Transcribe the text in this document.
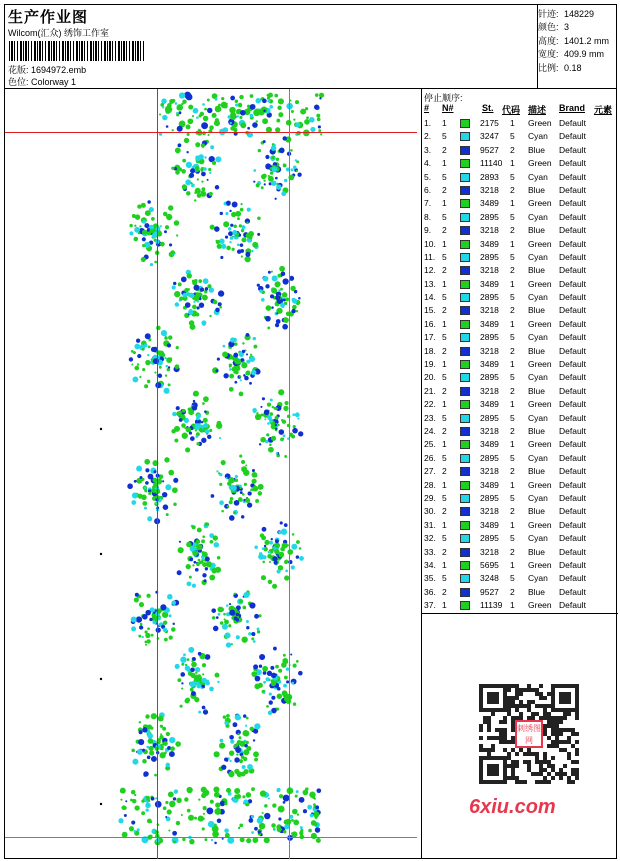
生产作业图
Wilcom(汇众) 绣饰工作室
花版: 1694972.emb
色位: Colorway 1
针迹: 148229
颜色: 3
高度: 1401.2 mm
宽度: 409.9 mm
比例: 0.18
停止顺序:
# N#	St. 代码 描述 Brand 元素
1. 1	2175 1 Green Default
2. 5	3247 5 Cyan Default
3. 2	9527 2 Blue Default
4. 1	11140 1 Green Default
5. 5	2893 5 Cyan Default
6. 2	3218 2 Blue Default
7. 1	3489 1 Green Default
8. 5	2895 5 Cyan Default
9. 2	3218 2 Blue Default
10. 1	3489 1 Green Default
11. 5	2895 5 Cyan Default
12. 2	3218 2 Blue Default
13. 1	3489 1 Green Default
14. 5	2895 5 Cyan Default
15. 2	3218 2 Blue Default
16. 1	3489 1 Green Default
17. 5	2895 5 Cyan Default
18. 2	3218 2 Blue Default
19. 1	3489 1 Green Default
20. 5	2895 5 Cyan Default
21. 2	3218 2 Blue Default
22. 1	3489 1 Green Default
23. 5	2895 5 Cyan Default
24. 2	3218 2 Blue Default
25. 1	3489 1 Green Default
26. 5	2895 5 Cyan Default
27. 2	3218 2 Blue Default
28. 1	3489 1 Green Default
29. 5	2895 5 Cyan Default
30. 2	3218 2 Blue Default
31. 1	3489 1 Green Default
32. 5	2895 5 Cyan Default
33. 2	3218 2 Blue Default
34. 1	5695 1 Green Default
35. 5	3248 5 Cyan Default
36. 2	9527 2 Blue Default
37. 1	11139 1 Green Default
刺绣图网
6xiu.com
